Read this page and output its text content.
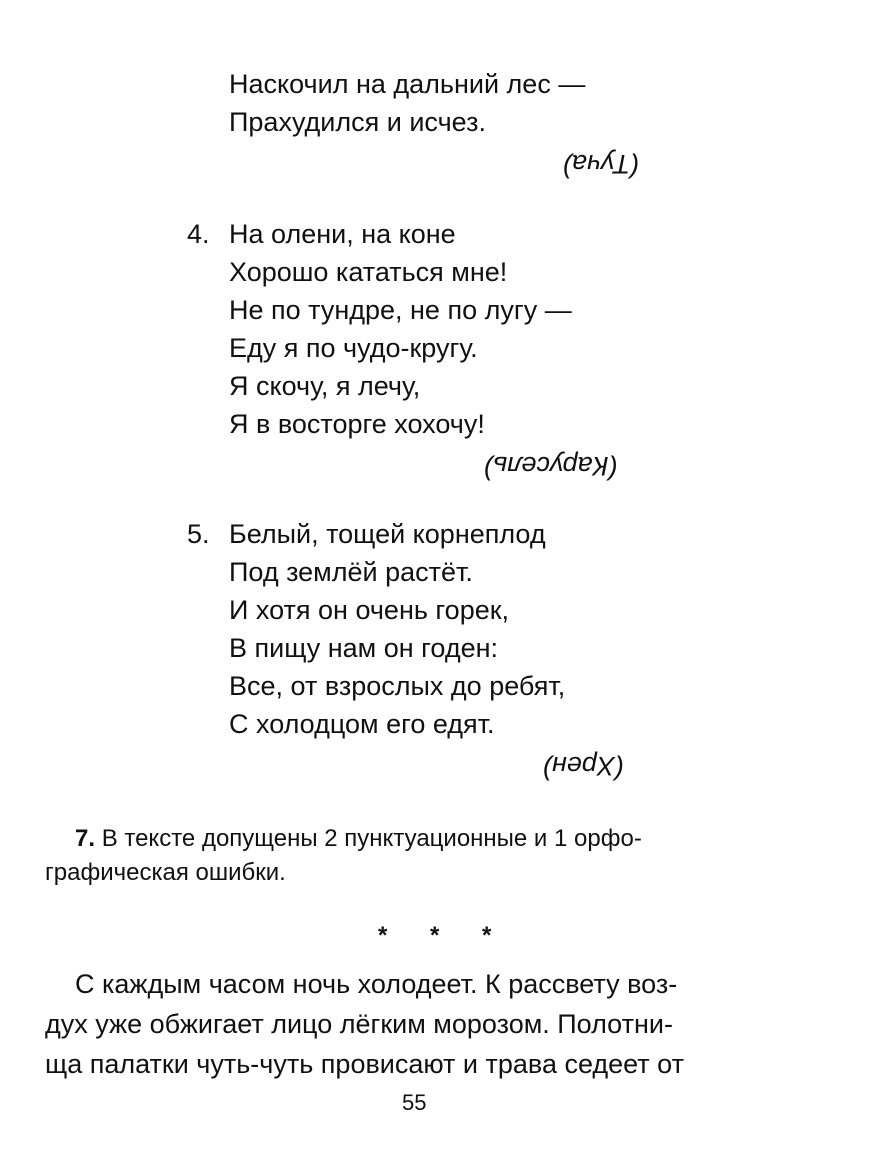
Наскочил на дальний лес —
Прахудился и исчез.
(Туча)
4. На олени, на коне
Хорошо кататься мне!
Не по тундре, не по лугу —
Еду я по чудо-кругу.
Я скочу, я лечу,
Я в восторге хохочу!
(Карусель)
5. Белый, тощей корнеплод
Под землёй растёт.
И хотя он очень горек,
В пищу нам он годен:
Все, от взрослых до ребят,
С холодцом его едят.
(Хрен)
7. В тексте допущены 2 пунктуационные и 1 орфо-
графическая ошибки.
* * *
С каждым часом ночь холодеет. К рассвету воз-
дух уже обжигает лицо лёгким морозом. Полотни-
ща палатки чуть-чуть провисают и трава седеет от
55
